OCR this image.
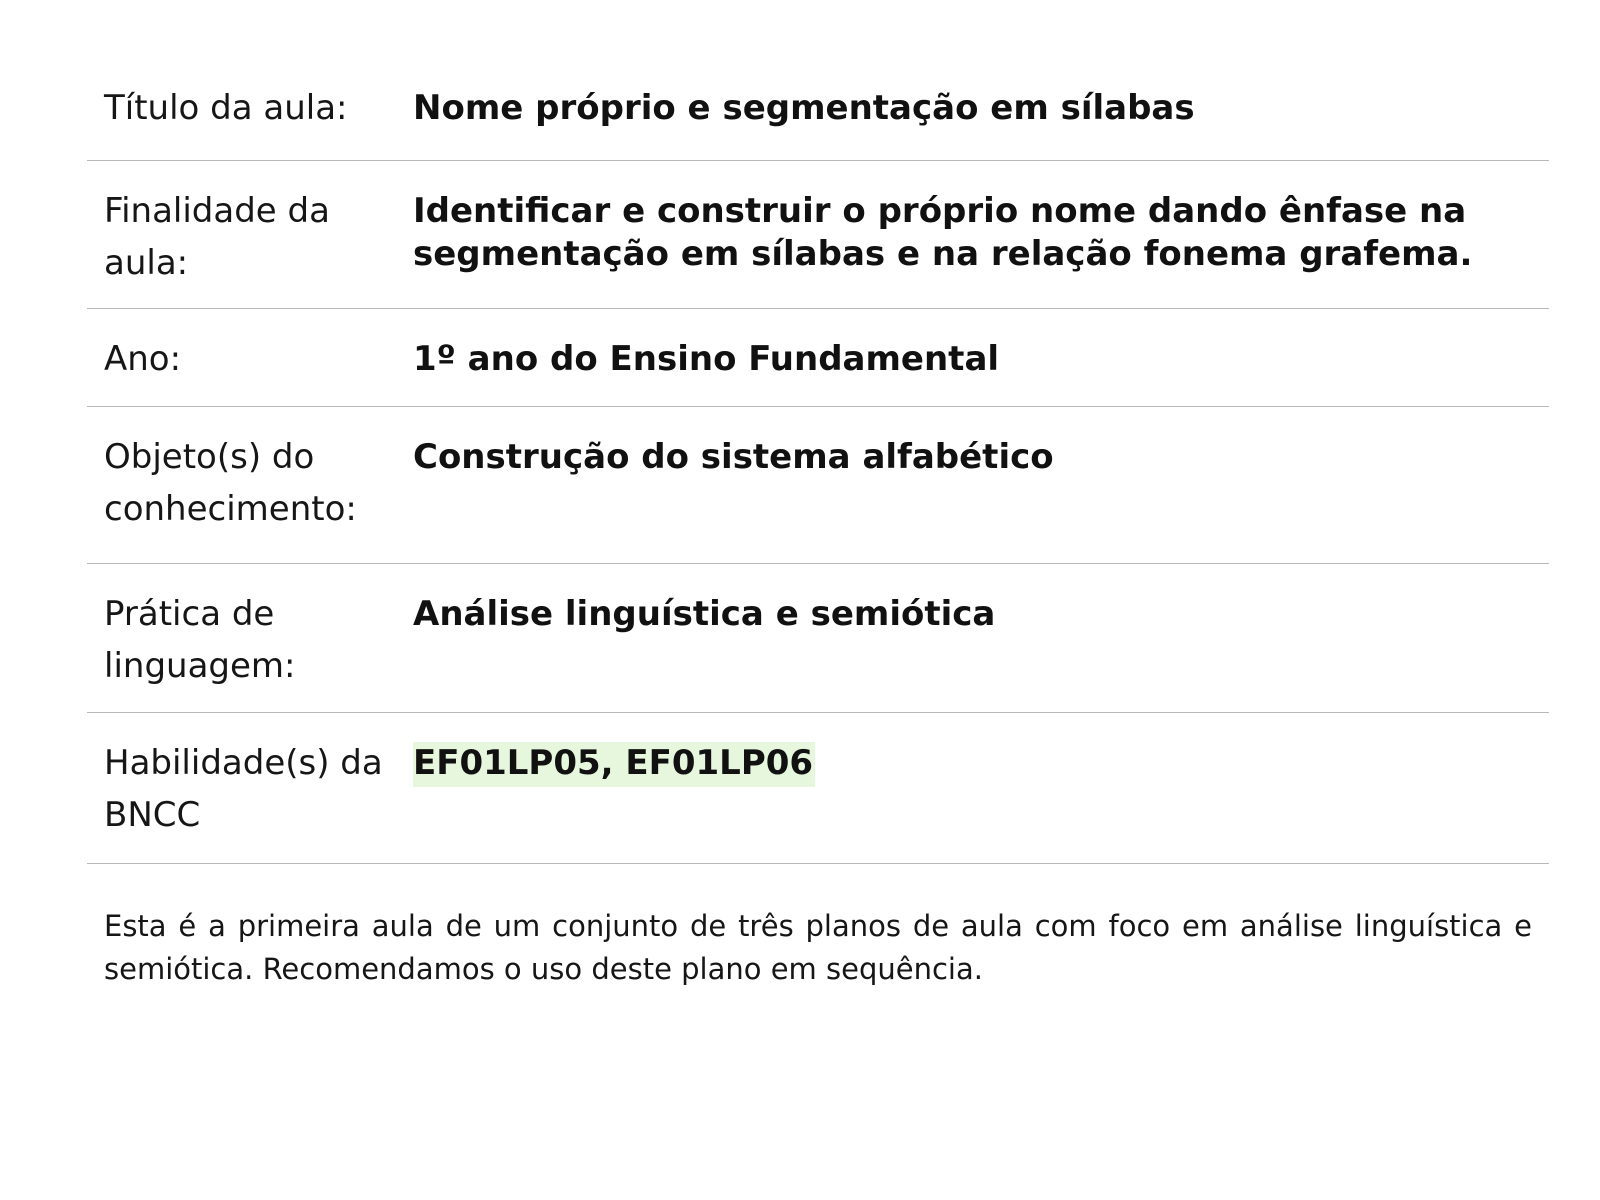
Título da aula:	Nome próprio e segmentação em sílabas
Finalidade da aula:	Identificar e construir o próprio nome dando ênfase na segmentação em sílabas e na relação fonema grafema.
Ano:	1º ano do Ensino Fundamental
Objeto(s) do conhecimento:	Construção do sistema alfabético
Prática de linguagem:	Análise linguística e semiótica
Habilidade(s) da BNCC	EF01LP05, EF01LP06

Esta é a primeira aula de um conjunto de três planos de aula com foco em análise linguística e semiótica. Recomendamos o uso deste plano em sequência.
